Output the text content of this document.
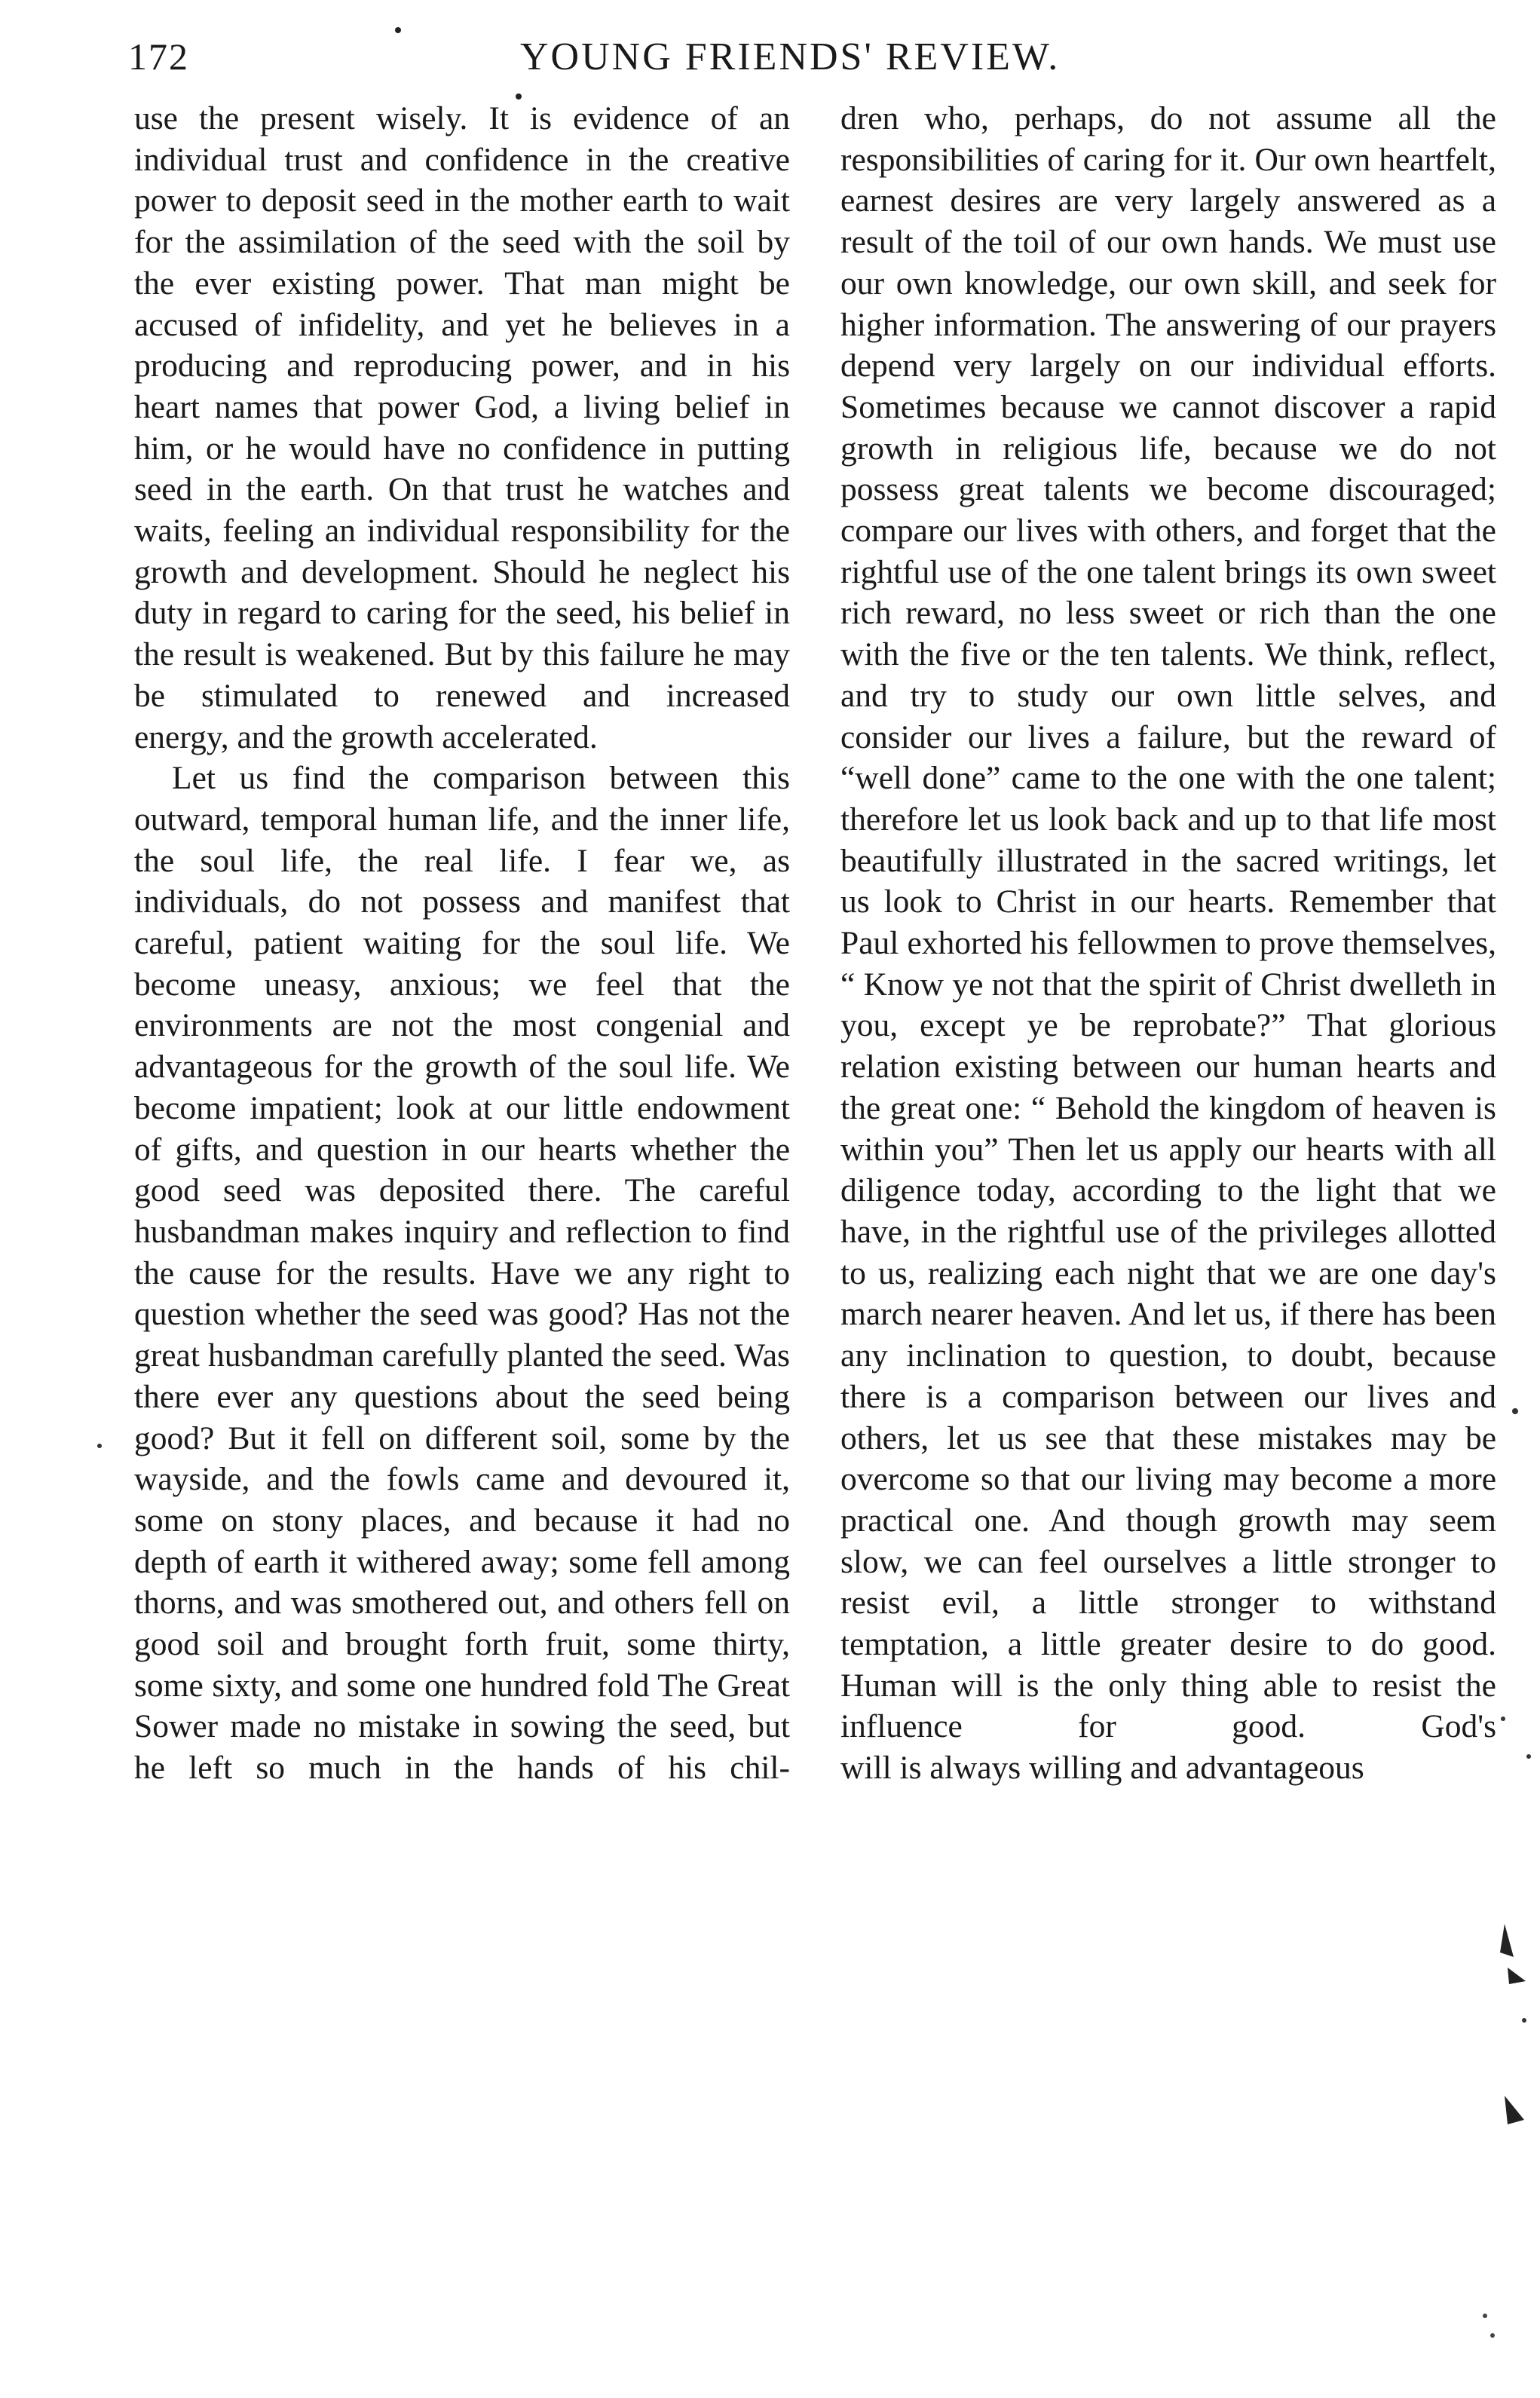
172	YOUNG FRIENDS' REVIEW.

use the present wisely. It is evidence of an individual trust and confidence in the creative power to deposit seed in the mother earth to wait for the assimilation of the seed with the soil by the ever existing power. That man might be accused of infidelity, and yet he believes in a producing and reproducing power, and in his heart names that power God, a living belief in him, or he would have no confidence in putting seed in the earth. On that trust he watches and waits, feeling an individual responsibility for the growth and development. Should he neglect his duty in regard to caring for the seed, his belief in the result is weakened. But by this failure he may be stimulated to renewed and increased
energy, and the growth accelerated.

Let us find the comparison between this outward, temporal human life, and the inner life, the soul life, the real life. I fear we, as individuals, do not possess and manifest that careful, patient waiting for the soul life. We become uneasy, anxious; we feel that the environments are not the most congenial and advantageous for the growth of the soul life. We become impatient; look at our little endowment of gifts, and question in our hearts whether the good seed was deposited there. The careful husbandman makes inquiry and reflection to find the cause for the results. Have we any right to question whether the seed was good? Has not the great husbandman carefully planted the seed. Was there ever any questions about the seed being good? But it fell on different soil, some by the wayside, and the fowls came and devoured it, some on stony places, and because it had no depth of earth it withered away; some fell among thorns, and was smothered out, and others fell on good soil and brought forth fruit, some thirty, some sixty, and some one hundred fold The Great Sower made no mistake in sowing the seed, but he left so much in the hands of his chil-

dren who, perhaps, do not assume all the responsibilities of caring for it. Our own heartfelt, earnest desires are very largely answered as a result of the toil of our own hands. We must use our own knowledge, our own skill, and seek for higher information. The answering of our prayers depend very largely on our individual efforts. Sometimes because we cannot discover a rapid growth in religious life, because we do not possess great talents we become discouraged; compare our lives with others, and forget that the rightful use of the one talent brings its own sweet rich reward, no less sweet or rich than the one with the five or the ten talents. We think, reflect, and try to study our own little selves, and consider our lives a failure, but the reward of “well done” came to the one with the one talent; therefore let us look back and up to that life most beautifully illustrated in the sacred writings, let us look to Christ in our hearts. Remember that Paul exhorted his fellowmen to prove themselves, “ Know ye not that the spirit of Christ dwelleth in you, except ye be reprobate?” That glorious relation existing between our human hearts and the great one: “ Behold the kingdom of heaven is within you” Then let us apply our hearts with all diligence today, according to the light that we have, in the rightful use of the privileges allotted to us, realizing each night that we are one day's march nearer heaven. And let us, if there has been any inclination to question, to doubt, because there is a comparison between our lives and others, let us see that these mistakes may be overcome so that our living may become a more practical one. And though growth may seem slow, we can feel ourselves a little stronger to resist evil, a little stronger to withstand temptation, a little greater desire to do good. Human will is the only thing able to resist the influence for good. God's
will is always willing and advantageous
